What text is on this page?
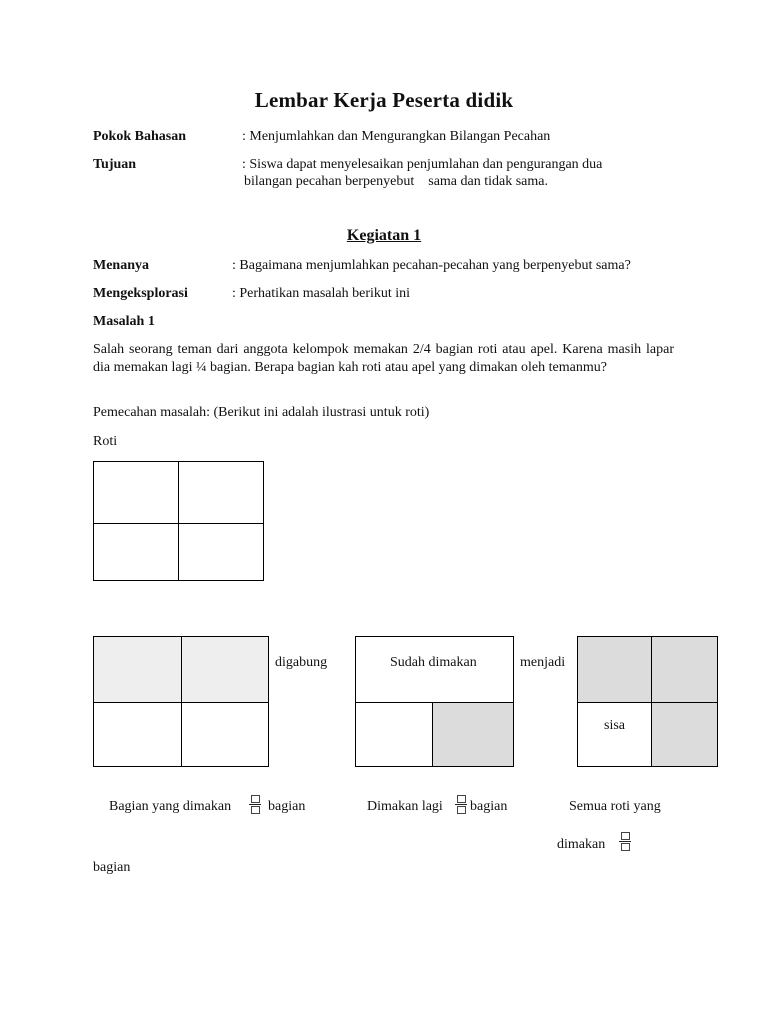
Lembar Kerja Peserta didik
Pokok Bahasan	: Menjumlahkan dan Mengurangkan Bilangan Pecahan
Tujuan	: Siswa dapat menyelesaikan penjumlahan dan pengurangan dua
bilangan pecahan berpenyebut    sama dan tidak sama.
Kegiatan 1
Menanya	: Bagaimana menjumlahkan pecahan-pecahan yang berpenyebut sama?
Mengeksplorasi	: Perhatikan masalah berikut ini
Masalah 1
Salah seorang teman dari anggota kelompok memakan 2/4 bagian roti atau apel. Karena masih lapar dia memakan lagi ¼ bagian. Berapa bagian kah roti atau apel yang dimakan oleh temanmu?
Pemecahan masalah: (Berikut ini adalah ilustrasi untuk roti)
Roti
digabung	Sudah dimakan	menjadi
sisa
Bagian yang dimakan	bagian	Dimakan lagi bagian	Semua roti yang
dimakan
bagian
